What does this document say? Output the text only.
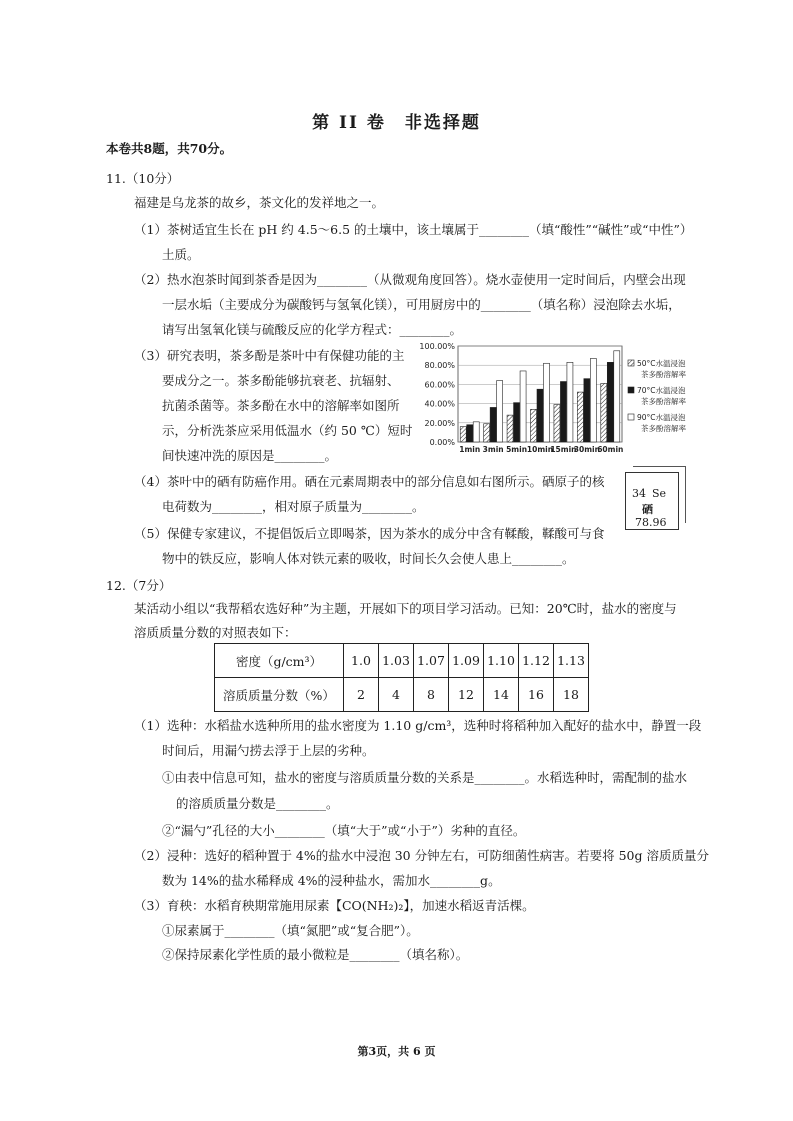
第 II 卷　非选择题
本卷共8题，共70分。
11.（10分）
福建是乌龙茶的故乡，茶文化的发祥地之一。
（1）茶树适宜生长在 pH 约 4.5～6.5 的土壤中，该土壤属于________（填“酸性”“碱性”或“中性”）
土质。
（2）热水泡茶时闻到茶香是因为________（从微观角度回答）。烧水壶使用一定时间后，内壁会出现
一层水垢（主要成分为碳酸钙与氢氧化镁），可用厨房中的________（填名称）浸泡除去水垢，
请写出氢氧化镁与硫酸反应的化学方程式：________。
（3）研究表明，茶多酚是茶叶中有保健功能的主
要成分之一。茶多酚能够抗衰老、抗辐射、
抗菌杀菌等。茶多酚在水中的溶解率如图所
示，分析洗茶应采用低温水（约 50 ℃）短时
间快速冲洗的原因是________。
100.00%
80.00%
60.00%
40.00%
20.00%
0.00%
1min 3min 5min 10min
15min
30min
60min
50°C水温浸泡
茶多酚溶解率
70°C水温浸泡
茶多酚溶解率
90°C水温浸泡
茶多酚溶解率
（4）茶叶中的硒有防癌作用。硒在元素周期表中的部分信息如右图所示。硒原子的核
电荷数为________，相对原子质量为________。
34 Se
硒
78.96
（5）保健专家建议，不提倡饭后立即喝茶，因为茶水的成分中含有鞣酸，鞣酸可与食
物中的铁反应，影响人体对铁元素的吸收，时间长久会使人患上________。
12.（7分）
某活动小组以“我帮稻农选好种”为主题，开展如下的项目学习活动。已知：20℃时，盐水的密度与
溶质质量分数的对照表如下：
密度（g/cm³）	1.0	1.03	1.07	1.09	1.10	1.12	1.13
溶质质量分数（%）	2	4	8	12	14	16	18
（1）选种：水稻盐水选种所用的盐水密度为 1.10 g/cm³，选种时将稻种加入配好的盐水中，静置一段
时间后，用漏勺捞去浮于上层的劣种。
①由表中信息可知，盐水的密度与溶质质量分数的关系是________。水稻选种时，需配制的盐水
的溶质质量分数是________。
②“漏勺”孔径的大小________（填“大于”或“小于”）劣种的直径。
（2）浸种：选好的稻种置于 4%的盐水中浸泡 30 分钟左右，可防细菌性病害。若要将 50g 溶质质量分
数为 14%的盐水稀释成 4%的浸种盐水，需加水________g。
（3）育秧：水稻育秧期常施用尿素【CO(NH₂)₂】，加速水稻返青活棵。
①尿素属于________（填“氮肥”或“复合肥”）。
②保持尿素化学性质的最小微粒是________（填名称）。
第3页，共 6 页
